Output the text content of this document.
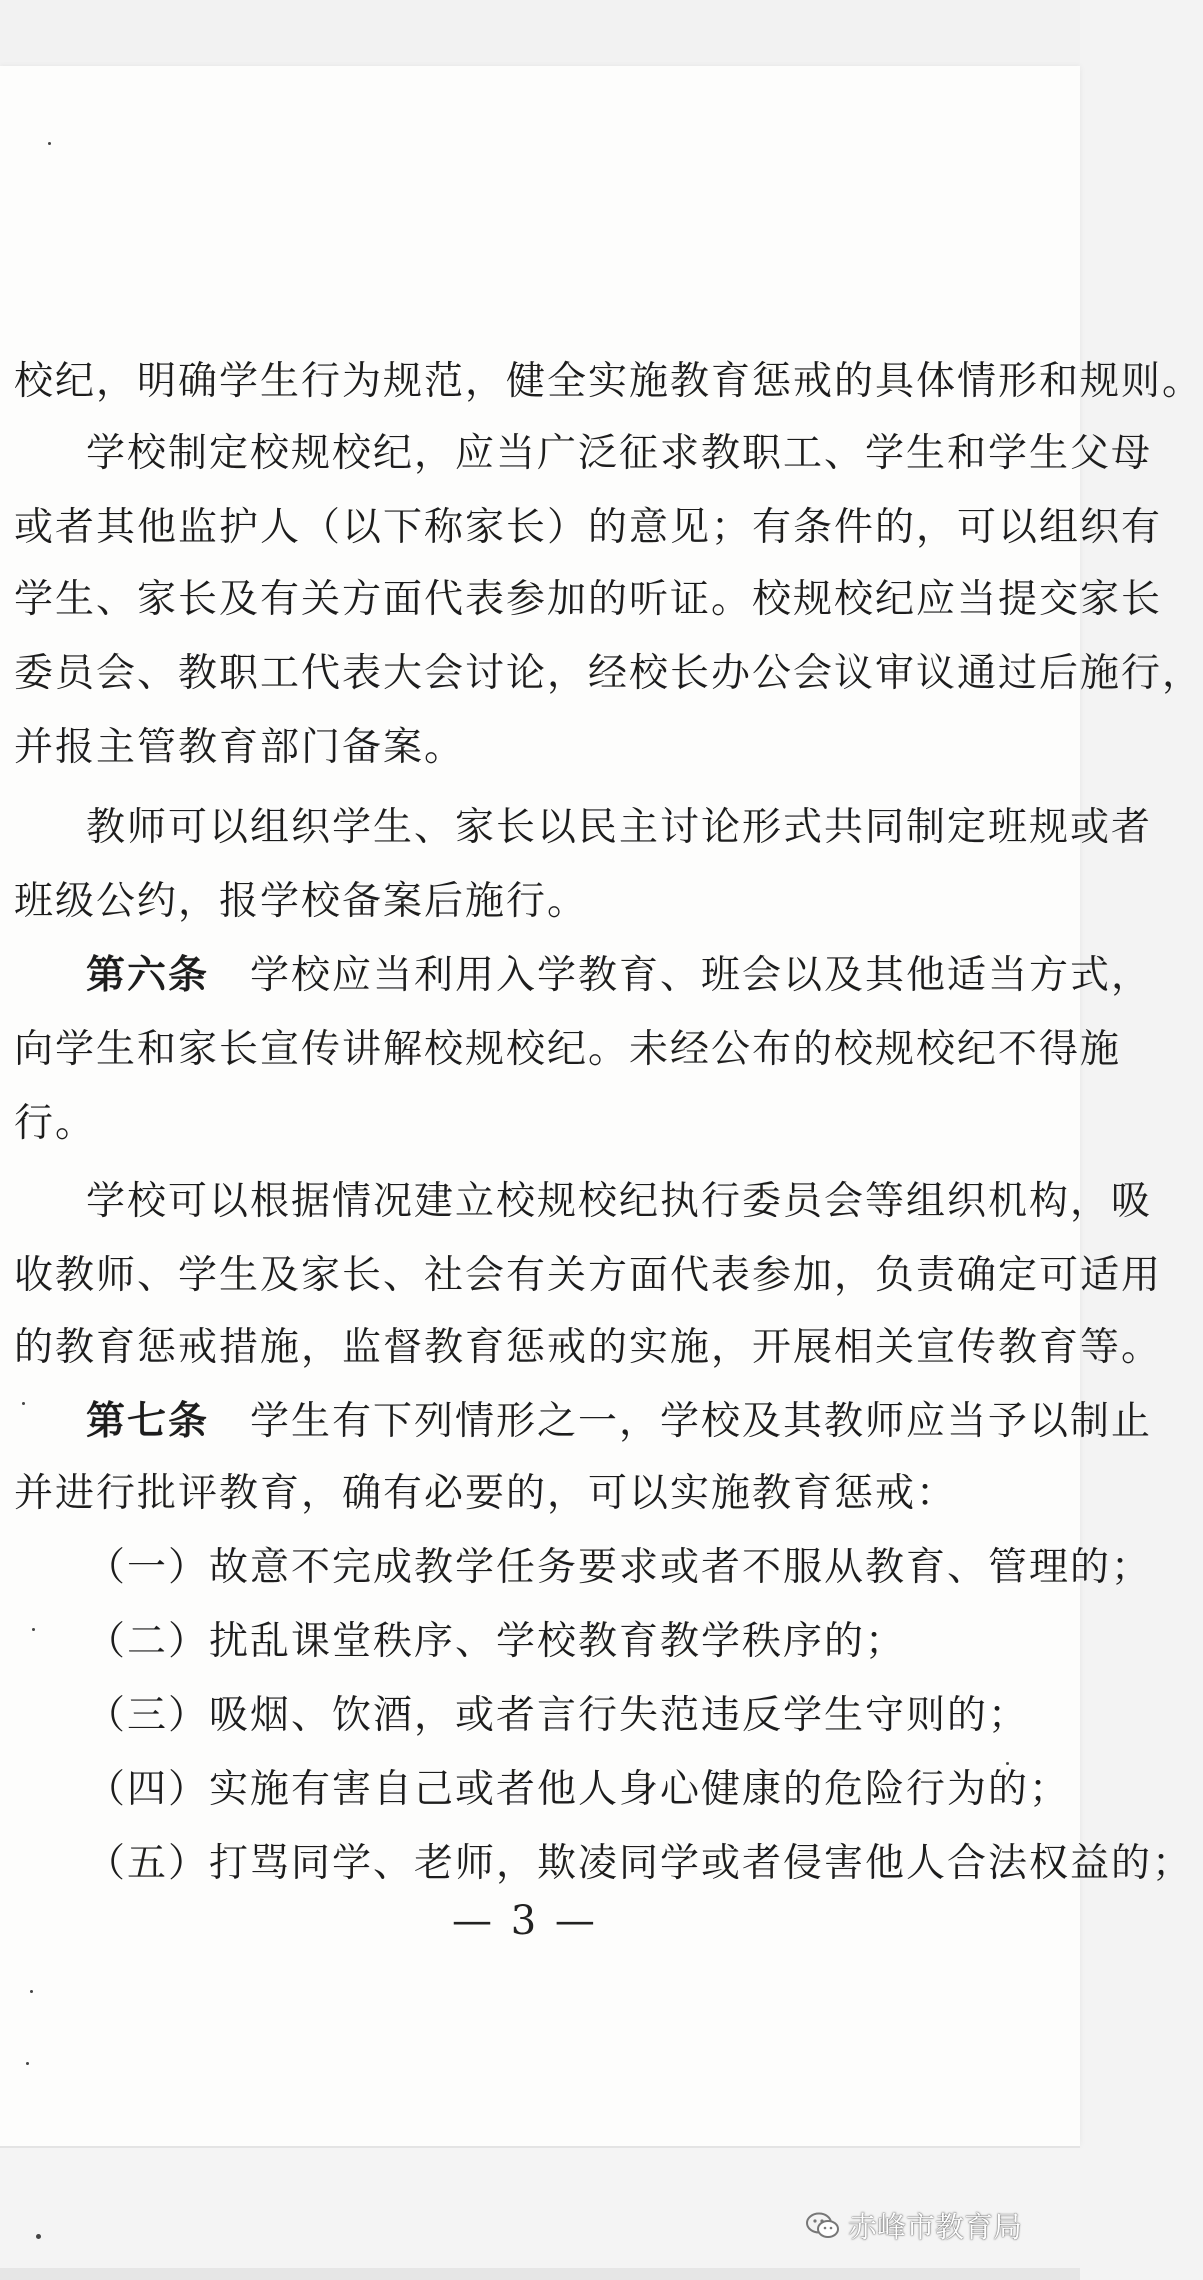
校纪，明确学生行为规范，健全实施教育惩戒的具体情形和规则。
学校制定校规校纪，应当广泛征求教职工、学生和学生父母
或者其他监护人（以下称家长）的意见；有条件的，可以组织有
学生、家长及有关方面代表参加的听证。校规校纪应当提交家长
委员会、教职工代表大会讨论，经校长办公会议审议通过后施行，
并报主管教育部门备案。
教师可以组织学生、家长以民主讨论形式共同制定班规或者
班级公约，报学校备案后施行。
第六条  学校应当利用入学教育、班会以及其他适当方式，
向学生和家长宣传讲解校规校纪。未经公布的校规校纪不得施
行。
学校可以根据情况建立校规校纪执行委员会等组织机构，吸
收教师、学生及家长、社会有关方面代表参加，负责确定可适用
的教育惩戒措施，监督教育惩戒的实施，开展相关宣传教育等。
第七条  学生有下列情形之一，学校及其教师应当予以制止
并进行批评教育，确有必要的，可以实施教育惩戒：
（一）故意不完成教学任务要求或者不服从教育、管理的；
（二）扰乱课堂秩序、学校教育教学秩序的；
（三）吸烟、饮酒，或者言行失范违反学生守则的；
（四）实施有害自己或者他人身心健康的危险行为的；
（五）打骂同学、老师，欺凌同学或者侵害他人合法权益的；
— 3 —
赤峰市教育局
